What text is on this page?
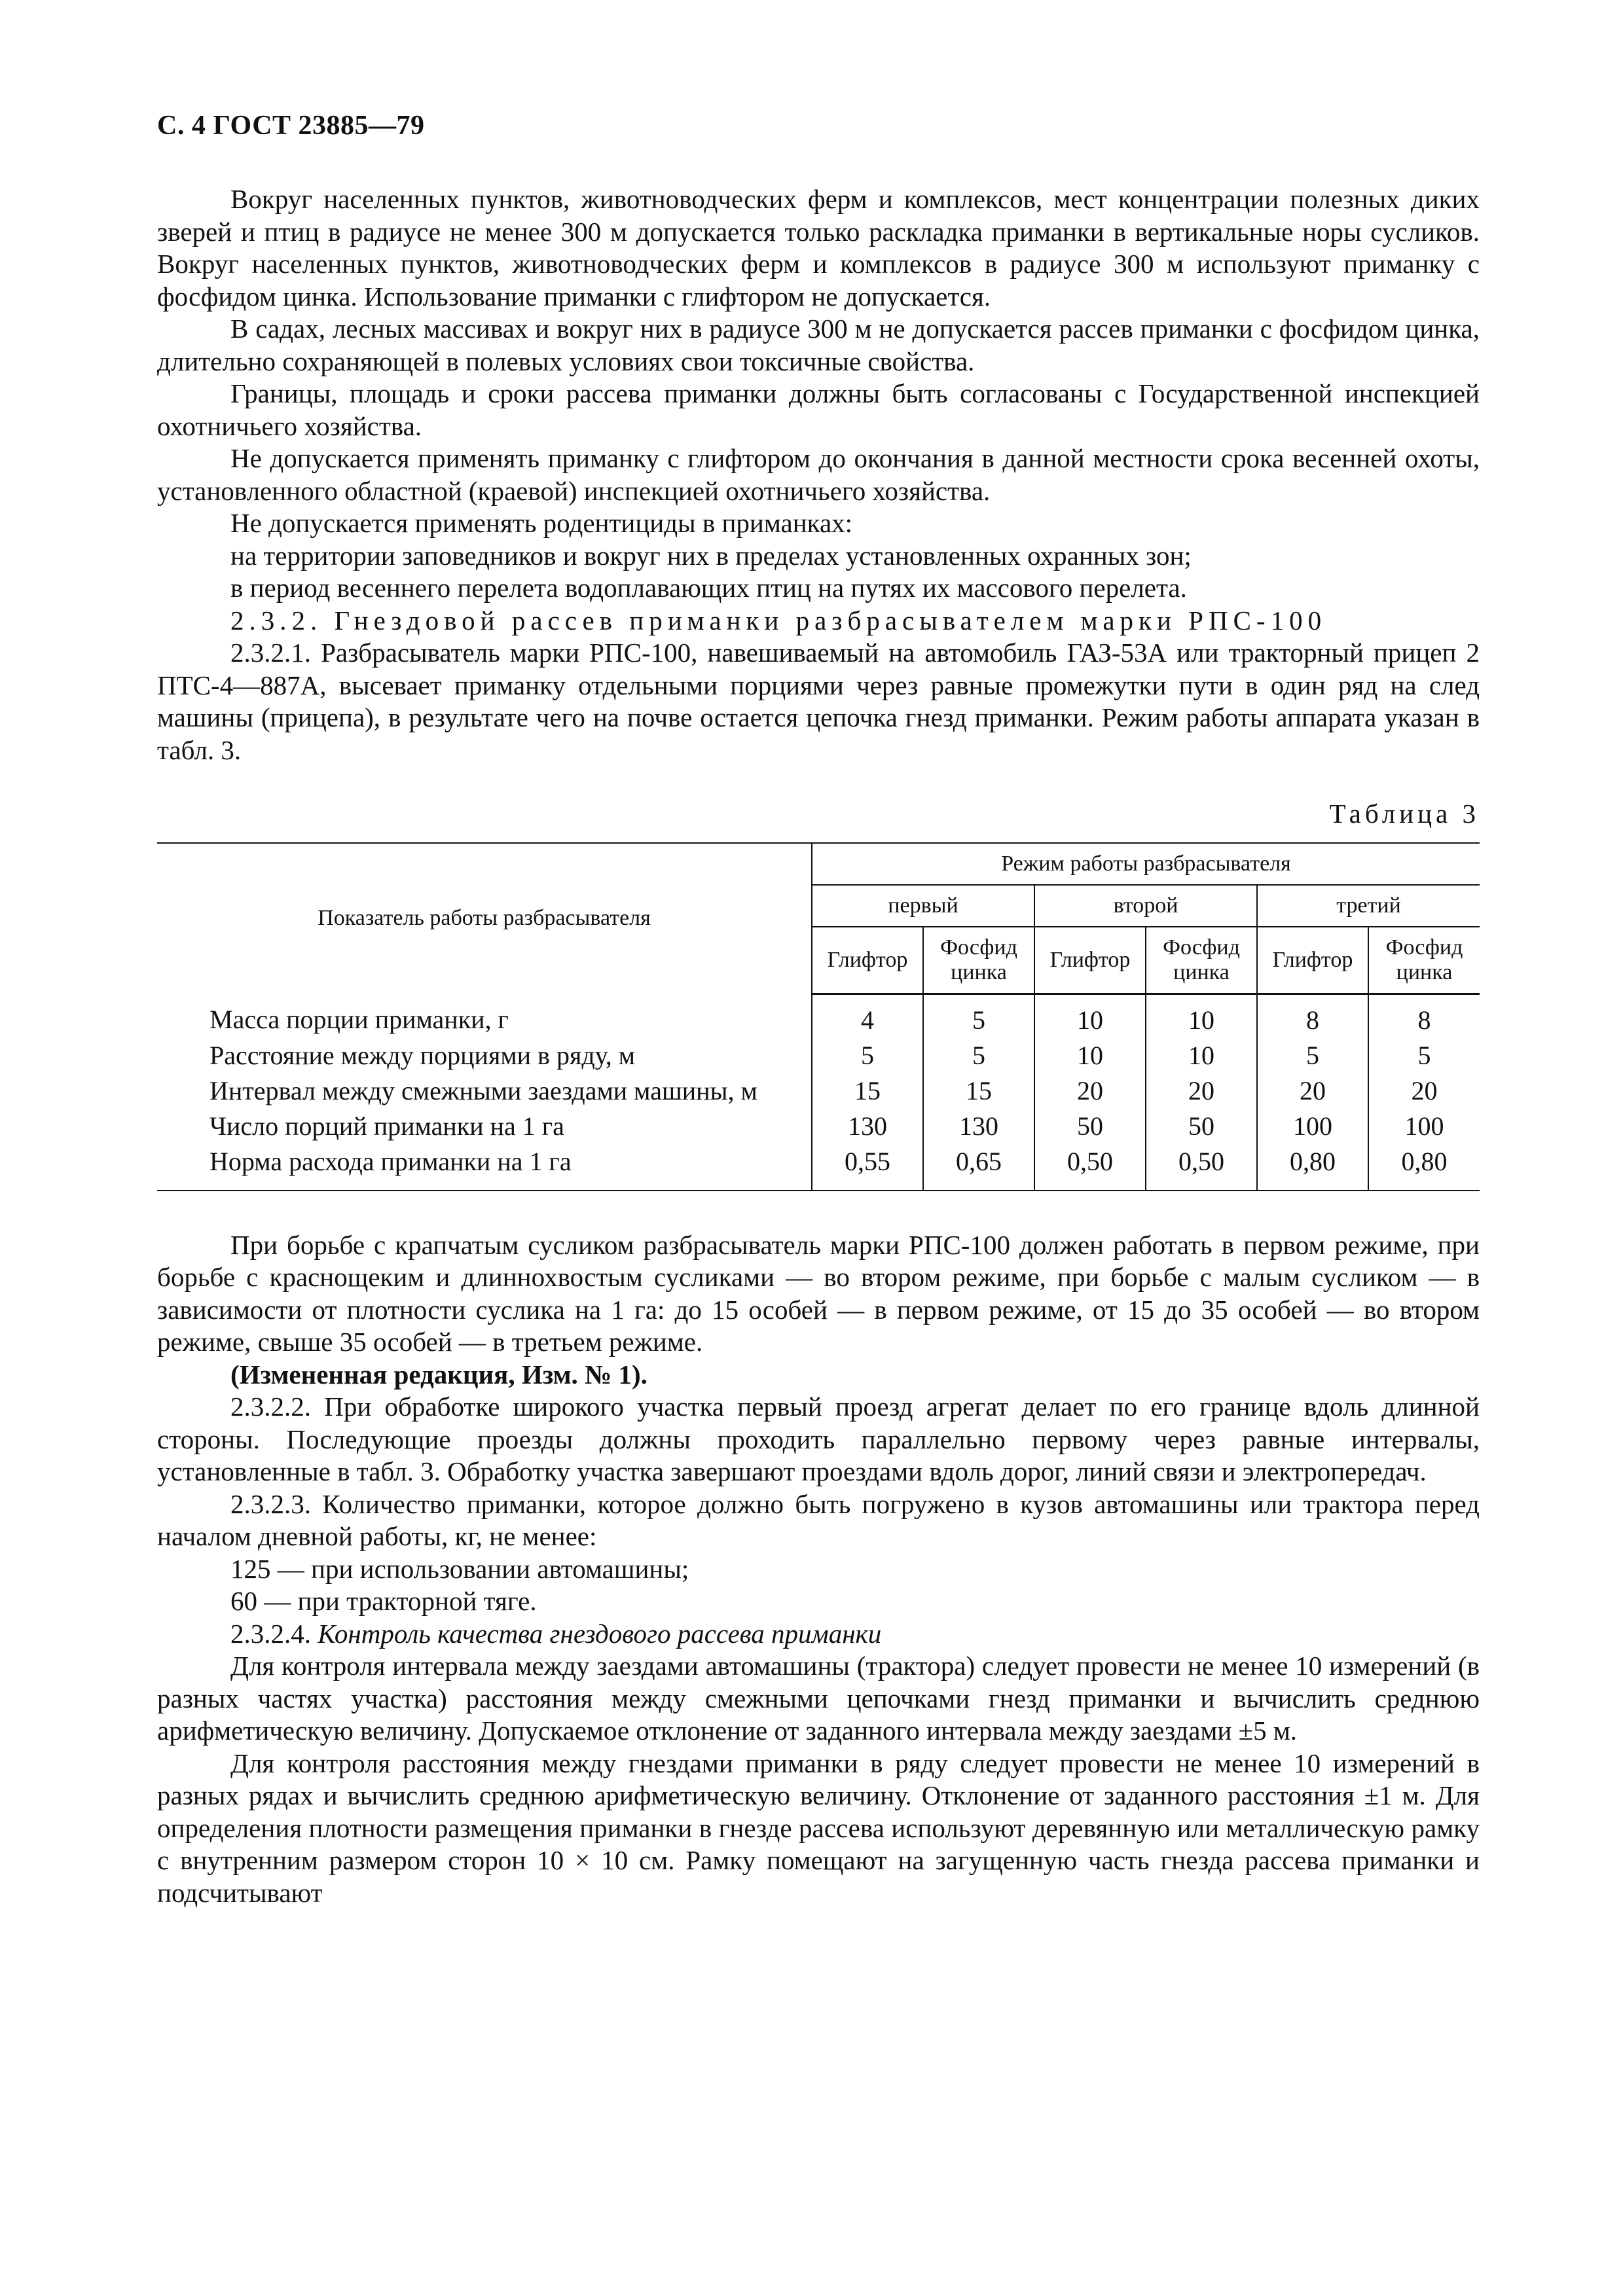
С. 4 ГОСТ 23885—79

Вокруг населенных пунктов, животноводческих ферм и комплексов, мест концентрации полезных диких зверей и птиц в радиусе не менее 300 м допускается только раскладка приманки в вертикальные норы сусликов. Вокруг населенных пунктов, животноводческих ферм и комплексов в радиусе 300 м используют приманку с фосфидом цинка. Использование приманки с глифтором не допускается.

В садах, лесных массивах и вокруг них в радиусе 300 м не допускается рассев приманки с фосфидом цинка, длительно сохраняющей в полевых условиях свои токсичные свойства.

Границы, площадь и сроки рассева приманки должны быть согласованы с Государственной инспекцией охотничьего хозяйства.

Не допускается применять приманку с глифтором до окончания в данной местности срока весенней охоты, установленного областной (краевой) инспекцией охотничьего хозяйства.

Не допускается применять родентициды в приманках:

на территории заповедников и вокруг них в пределах установленных охранных зон;

в период весеннего перелета водоплавающих птиц на путях их массового перелета.

2.3.2. Гнездовой рассев приманки разбрасывателем марки РПС-100

2.3.2.1. Разбрасыватель марки РПС-100, навешиваемый на автомобиль ГАЗ-53А или тракторный прицеп 2 ПТС-4—887А, высевает приманку отдельными порциями через равные промежутки пути в один ряд на след машины (прицепа), в результате чего на почве остается цепочка гнезд приманки. Режим работы аппарата указан в табл. 3.

Таблица 3
Показатель работы разбрасывателя	Режим работы разбрасывателя					
	первый		второй		третий	
	Глифтор	Фосфид цинка	Глифтор	Фосфид цинка	Глифтор	Фосфид цинка
Масса порции приманки, г	4	5	10	10	8	8
Расстояние между порциями в ряду, м	5	5	10	10	5	5
Интервал между смежными заездами машины, м	15	15	20	20	20	20
Число порций приманки на 1 га	130	130	50	50	100	100
Норма расхода приманки на 1 га	0,55	0,65	0,50	0,50	0,80	0,80

При борьбе с крапчатым сусликом разбрасыватель марки РПС-100 должен работать в первом режиме, при борьбе с краснощеким и длиннохвостым сусликами — во втором режиме, при борьбе с малым сусликом — в зависимости от плотности суслика на 1 га: до 15 особей — в первом режиме, от 15 до 35 особей — во втором режиме, свыше 35 особей — в третьем режиме.

(Измененная редакция, Изм. № 1).

2.3.2.2. При обработке широкого участка первый проезд агрегат делает по его границе вдоль длинной стороны. Последующие проезды должны проходить параллельно первому через равные интервалы, установленные в табл. 3. Обработку участка завершают проездами вдоль дорог, линий связи и электропередач.

2.3.2.3. Количество приманки, которое должно быть погружено в кузов автомашины или трактора перед началом дневной работы, кг, не менее:

125 — при использовании автомашины;

60 — при тракторной тяге.

2.3.2.4. Контроль качества гнездового рассева приманки

Для контроля интервала между заездами автомашины (трактора) следует провести не менее 10 измерений (в разных частях участка) расстояния между смежными цепочками гнезд приманки и вычислить среднюю арифметическую величину. Допускаемое отклонение от заданного интервала между заездами ±5 м.

Для контроля расстояния между гнездами приманки в ряду следует провести не менее 10 измерений в разных рядах и вычислить среднюю арифметическую величину. Отклонение от заданного расстояния ±1 м. Для определения плотности размещения приманки в гнезде рассева используют деревянную или металлическую рамку с внутренним размером сторон 10 × 10 см. Рамку помещают на загущенную часть гнезда рассева приманки и подсчитывают
